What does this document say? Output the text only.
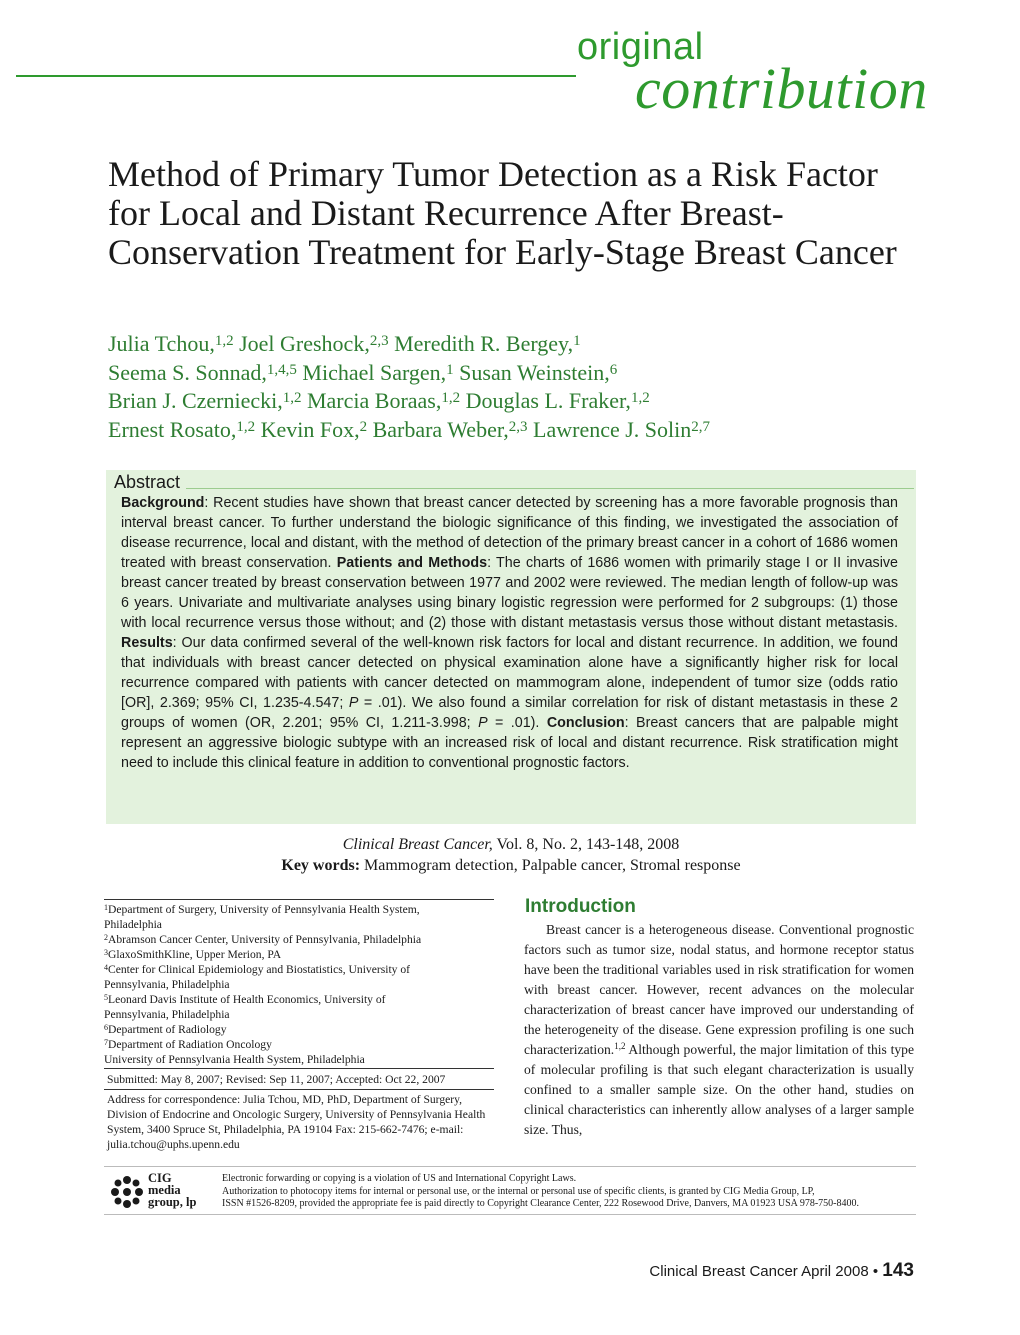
original
contribution
Method of Primary Tumor Detection as a Risk Factor for Local and Distant Recurrence After Breast-Conservation Treatment for Early-Stage Breast Cancer
Julia Tchou,$^{1,2}$ Joel Greshock,$^{2,3}$ Meredith R. Bergey,$^1$
Seema S. Sonnad,$^{1,4,5}$ Michael Sargen,$^1$ Susan Weinstein,$^6$
Brian J. Czerniecki,$^{1,2}$ Marcia Boraas,$^{1,2}$ Douglas L. Fraker,$^{1,2}$
Ernest Rosato,$^{1,2}$ Kevin Fox,$^2$ Barbara Weber,$^{2,3}$ Lawrence J. Solin$^{2,7}$
Abstract

Background: Recent studies have shown that breast cancer detected by screening has a more favorable prognosis than interval breast cancer. To further understand the biologic significance of this finding, we investigated the association of disease recurrence, local and distant, with the method of detection of the primary breast cancer in a cohort of 1686 women treated with breast conservation. Patients and Methods: The charts of 1686 women with primarily stage I or II invasive breast cancer treated by breast conservation between 1977 and 2002 were reviewed. The median length of follow-up was 6 years. Univariate and multivariate analyses using binary logistic regression were performed for 2 subgroups: (1) those with local recurrence versus those without; and (2) those with distant metastasis versus those without distant metastasis. Results: Our data confirmed several of the well-known risk factors for local and distant recurrence. In addition, we found that individuals with breast cancer detected on physical examination alone have a significantly higher risk for local recurrence compared with patients with cancer detected on mammogram alone, independent of tumor size (odds ratio [OR], 2.369; 95% CI, 1.235-4.547; P = .01). We also found a similar correlation for risk of distant metastasis in these 2 groups of women (OR, 2.201; 95% CI, 1.211-3.998; P = .01). Conclusion: Breast cancers that are palpable might represent an aggressive biologic subtype with an increased risk of local and distant recurrence. Risk stratification might need to include this clinical feature in addition to conventional prognostic factors.

Clinical Breast Cancer, Vol. 8, No. 2, 143-148, 2008
Key words: Mammogram detection, Palpable cancer, Stromal response
$^1$Department of Surgery, University of Pennsylvania Health System,
Philadelphia
$^2$Abramson Cancer Center, University of Pennsylvania, Philadelphia
$^3$GlaxoSmithKline, Upper Merion, PA
$^4$Center for Clinical Epidemiology and Biostatistics, University of
Pennsylvania, Philadelphia
$^5$Leonard Davis Institute of Health Economics, University of
Pennsylvania, Philadelphia
$^6$Department of Radiology
$^7$Department of Radiation Oncology
University of Pennsylvania Health System, Philadelphia
Submitted: May 8, 2007; Revised: Sep 11, 2007; Accepted: Oct 22, 2007
Address for correspondence: Julia Tchou, MD, PhD, Department of Surgery, Division of Endocrine and Oncologic Surgery, University of Pennsylvania Health System, 3400 Spruce St, Philadelphia, PA 19104 Fax: 215-662-7476; e-mail: julia.tchou@uphs.upenn.edu
Introduction

Breast cancer is a heterogeneous disease. Conventional prognostic factors such as tumor size, nodal status, and hormone receptor status have been the traditional variables used in risk stratification for women with breast cancer. However, recent advances on the molecular characterization of breast cancer have improved our understanding of the heterogeneity of the disease. Gene expression profiling is one such characterization.$^{1,2}$ Although powerful, the major limitation of this type of molecular profiling is that such elegant characterization is usually confined to a smaller sample size. On the other hand, studies on clinical characteristics can inherently allow analyses of a larger sample size. Thus,

CIG
media
group, lp
Electronic forwarding or copying is a violation of US and International Copyright Laws.
Authorization to photocopy items for internal or personal use, or the internal or personal use of specific clients, is granted by CIG Media Group, LP,
ISSN #1526-8209, provided the appropriate fee is paid directly to Copyright Clearance Center, 222 Rosewood Drive, Danvers, MA 01923 USA 978-750-8400.
Clinical Breast Cancer April 2008 • 143
